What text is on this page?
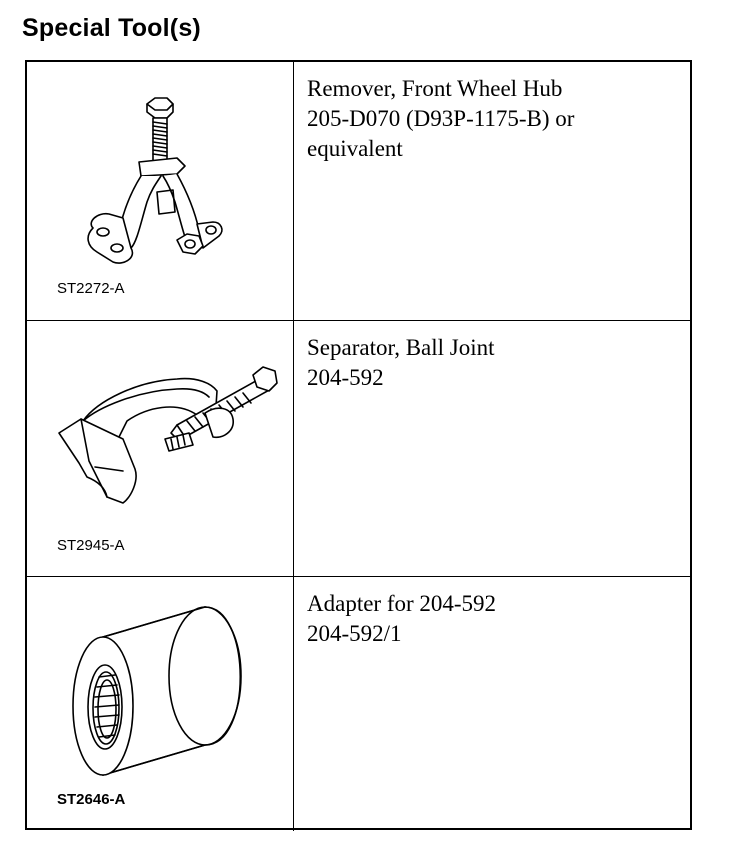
Special Tool(s)
ST2272-A
Remover, Front Wheel Hub
205-D070 (D93P-1175-B) or
equivalent
ST2945-A
Separator, Ball Joint
204-592
ST2646-A
Adapter for 204-592
204-592/1
